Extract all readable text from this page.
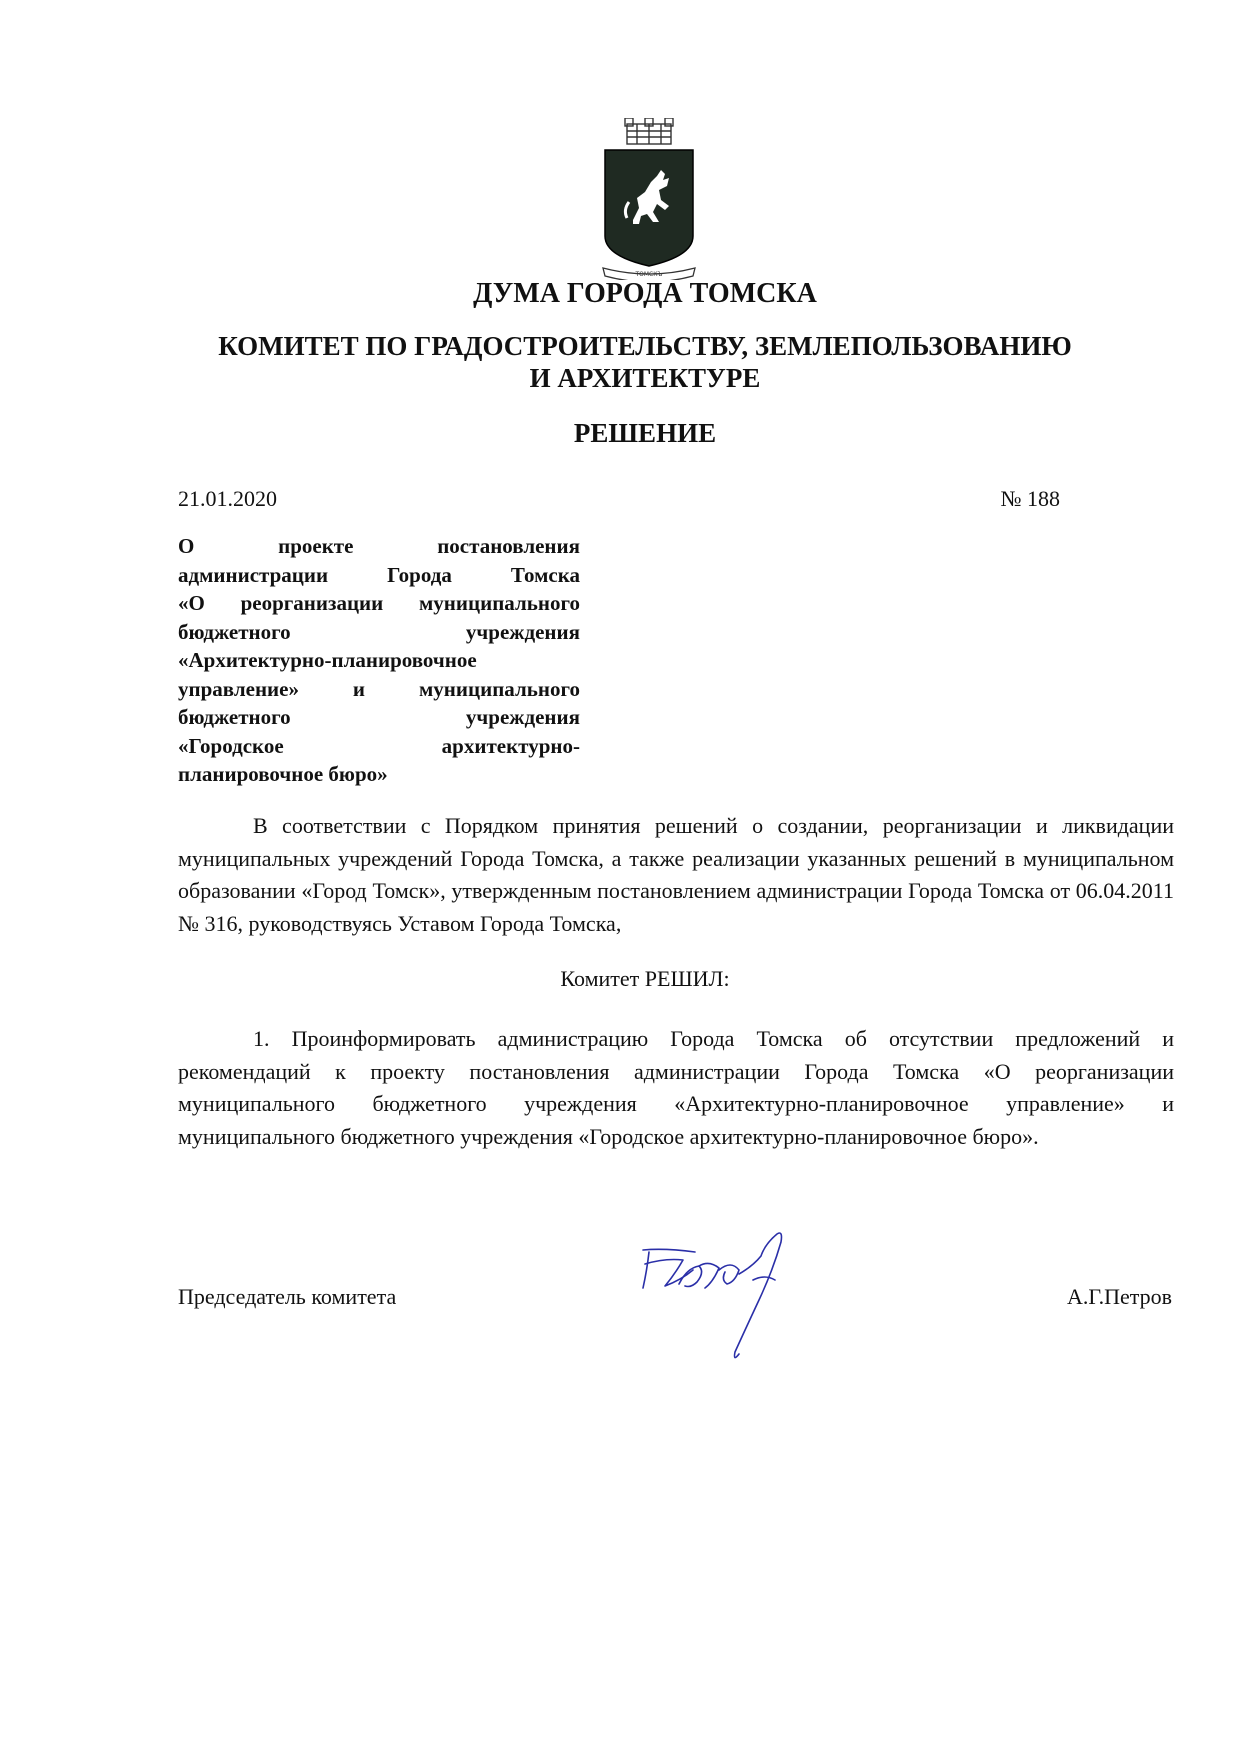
ТОМСКЪ
ДУМА ГОРОДА ТОМСКА
КОМИТЕТ ПО ГРАДОСТРОИТЕЛЬСТВУ, ЗЕМЛЕПОЛЬЗОВАНИЮ
И АРХИТЕКТУРЕ
РЕШЕНИЕ
21.01.2020	№ 188
О проекте постановления
администрации Города Томска
«О реорганизации муниципального
бюджетного учреждения
«Архитектурно-планировочное
управление» и муниципального
бюджетного учреждения
«Городское архитектурно-
планировочное бюро»

В соответствии с Порядком принятия решений о создании, реорганизации и ликвидации муниципальных учреждений Города Томска, а также реализации указанных решений в муниципальном образовании «Город Томск», утвержденным постановлением администрации Города Томска от 06.04.2011 № 316, руководствуясь Уставом Города Томска,

Комитет РЕШИЛ:

1. Проинформировать администрацию Города Томска об отсутствии предложений и рекомендаций к проекту постановления администрации Города Томска «О реорганизации муниципального бюджетного учреждения «Архитектурно-планировочное управление» и муниципального бюджетного учреждения «Городское архитектурно-планировочное бюро».

Председатель комитета	А.Г.Петров
